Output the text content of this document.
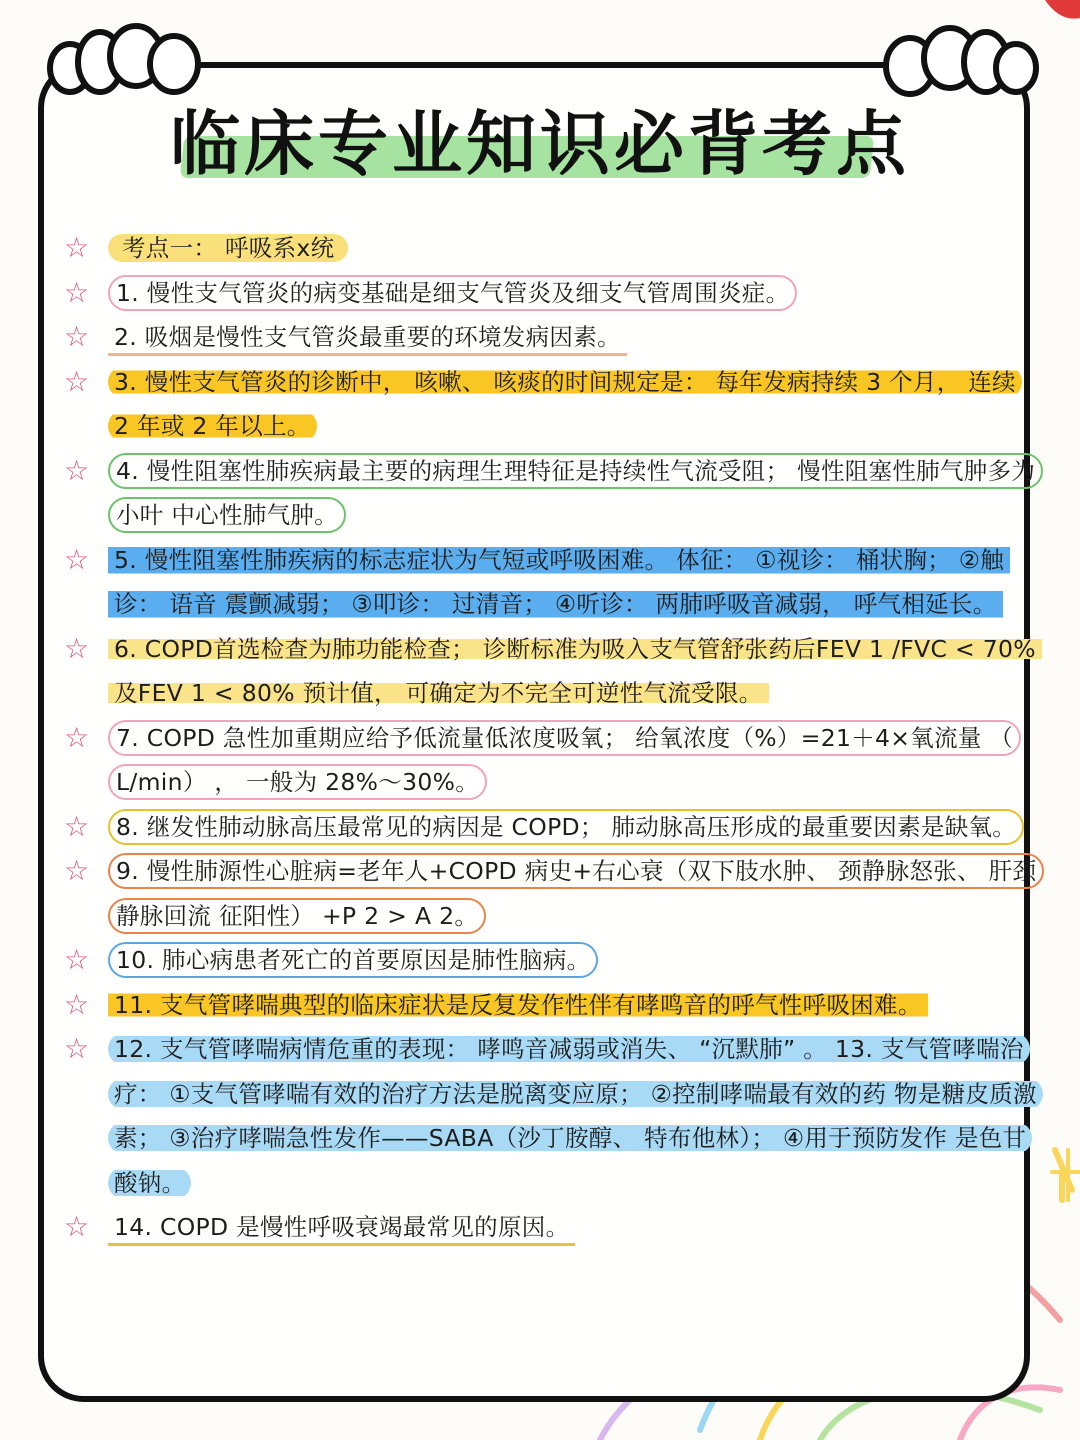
临床专业知识必背考点
☆ 考点一： 呼吸系x统
☆ 1. 慢性支气管炎的病变基础是细支气管炎及细支气管周围炎症。
☆ 2. 吸烟是慢性支气管炎最重要的环境发病因素。
☆	3. 慢性支气管炎的诊断中， 咳嗽、 咳痰的时间规定是： 每年发病持续 3 个月， 连续 2 年或 2 年以上。
☆	4. 慢性阻塞性肺疾病最主要的病理生理特征是持续性气流受阻； 慢性阻塞性肺气肿多为小叶 中心性肺气肿。
☆	5. 慢性阻塞性肺疾病的标志症状为气短或呼吸困难。 体征： ①视诊： 桶状胸； ②触诊： 语音 震颤减弱； ③叩诊： 过清音； ④听诊： 两肺呼吸音减弱， 呼气相延长。
☆	6. COPD首选检查为肺功能检查； 诊断标准为吸入支气管舒张药后FEV 1 /FVC < 70%及FEV 1 < 80% 预计值， 可确定为不完全可逆性气流受限。
☆	7. COPD 急性加重期应给予低流量低浓度吸氧； 给氧浓度（%）=21＋4×氧流量 （ L/min） ， 一般为 28%～30%。
☆	8. 继发性肺动脉高压最常见的病因是 COPD； 肺动脉高压形成的最重要因素是缺氧。
☆	9. 慢性肺源性心脏病=老年人+COPD 病史+右心衰（双下肢水肿、 颈静脉怒张、 肝颈静脉回流 征阳性） +P 2 > A 2。
☆ 10. 肺心病患者死亡的首要原因是肺性脑病。
☆ 11. 支气管哮喘典型的临床症状是反复发作性伴有哮鸣音的呼气性呼吸困难。
☆	12. 支气管哮喘病情危重的表现： 哮鸣音减弱或消失、 “沉默肺” 。 13. 支气管哮喘治疗： ①支气管哮喘有效的治疗方法是脱离变应原； ②控制哮喘最有效的药 物是糖皮质激素； ③治疗哮喘急性发作——SABA（沙丁胺醇、 特布他林）； ④用于预防发作 是色甘酸钠。
☆ 14. COPD 是慢性呼吸衰竭最常见的原因。
